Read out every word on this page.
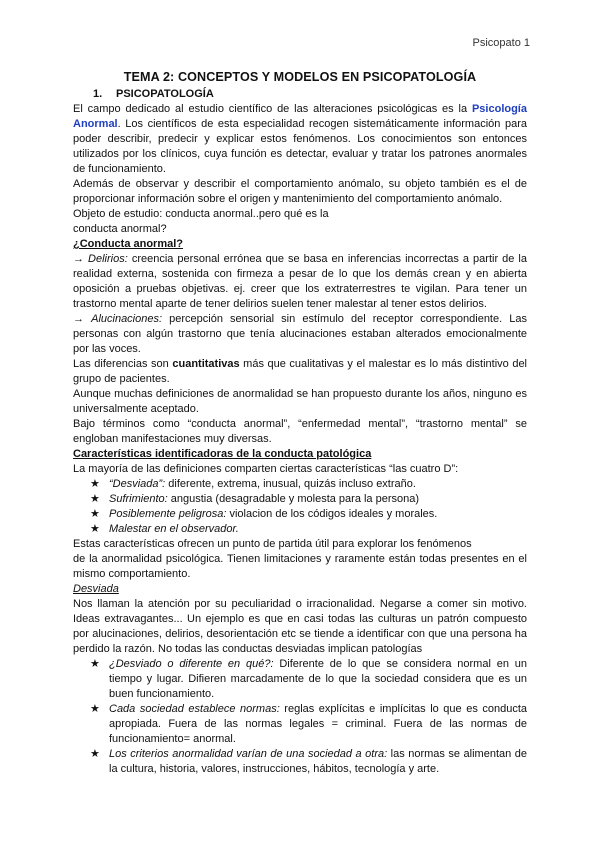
Psicopato 1
TEMA 2: CONCEPTOS Y MODELOS EN PSICOPATOLOGÍA
1. PSICOPATOLOGÍA

El campo dedicado al estudio científico de las alteraciones psicológicas es la Psicología Anormal. Los científicos de esta especialidad recogen sistemáticamente información para poder describir, predecir y explicar estos fenómenos. Los conocimientos son entonces utilizados por los clínicos, cuya función es detectar, evaluar y tratar los patrones anormales de funcionamiento.

Además de observar y describir el comportamiento anómalo, su objeto también es el de proporcionar información sobre el origen y mantenimiento del comportamiento anómalo.

Objeto de estudio: conducta anormal..pero qué es la

conducta anormal?

¿Conducta anormal?

→ Delirios: creencia personal errónea que se basa en inferencias incorrectas a partir de la realidad externa, sostenida con firmeza a pesar de lo que los demás crean y en abierta oposición a pruebas objetivas. ej. creer que los extraterrestres te vigilan. Para tener un trastorno mental aparte de tener delirios suelen tener malestar al tener estos delirios.

→ Alucinaciones: percepción sensorial sin estímulo del receptor correspondiente. Las personas con algún trastorno que tenía alucinaciones estaban alterados emocionalmente por las voces.

Las diferencias son cuantitativas más que cualitativas y el malestar es lo más distintivo del grupo de pacientes.

Aunque muchas definiciones de anormalidad se han propuesto durante los años, ninguno es universalmente aceptado.

Bajo términos como “conducta anormal”, “enfermedad mental”, “trastorno mental” se engloban manifestaciones muy diversas.

Características identificadoras de la conducta patológica

La mayoría de las definiciones comparten ciertas características “las cuatro D”:

★ “Desviada”: diferente, extrema, inusual, quizás incluso extraño.
★ Sufrimiento: angustia (desagradable y molesta para la persona)
★ Posiblemente peligrosa: violacion de los códigos ideales y morales.
★ Malestar en el observador.

Estas características ofrecen un punto de partida útil para explorar los fenómenos

de la anormalidad psicológica. Tienen limitaciones y raramente están todas presentes en el mismo comportamiento.

Desviada

Nos llaman la atención por su peculiaridad o irracionalidad. Negarse a comer sin motivo. Ideas extravagantes... Un ejemplo es que en casi todas las culturas un patrón compuesto por alucinaciones, delirios, desorientación etc se tiende a identificar con que una persona ha perdido la razón. No todas las conductas desviadas implican patologías

★ ¿Desviado o diferente en qué?: Diferente de lo que se considera normal en un tiempo y lugar. Difieren marcadamente de lo que la sociedad considera que es un buen funcionamiento.
★ Cada sociedad establece normas: reglas explícitas e implícitas lo que es conducta apropiada. Fuera de las normas legales = criminal. Fuera de las normas de funcionamiento= anormal.
★ Los criterios anormalidad varían de una sociedad a otra: las normas se alimentan de la cultura, historia, valores, instrucciones, hábitos, tecnología y arte.
